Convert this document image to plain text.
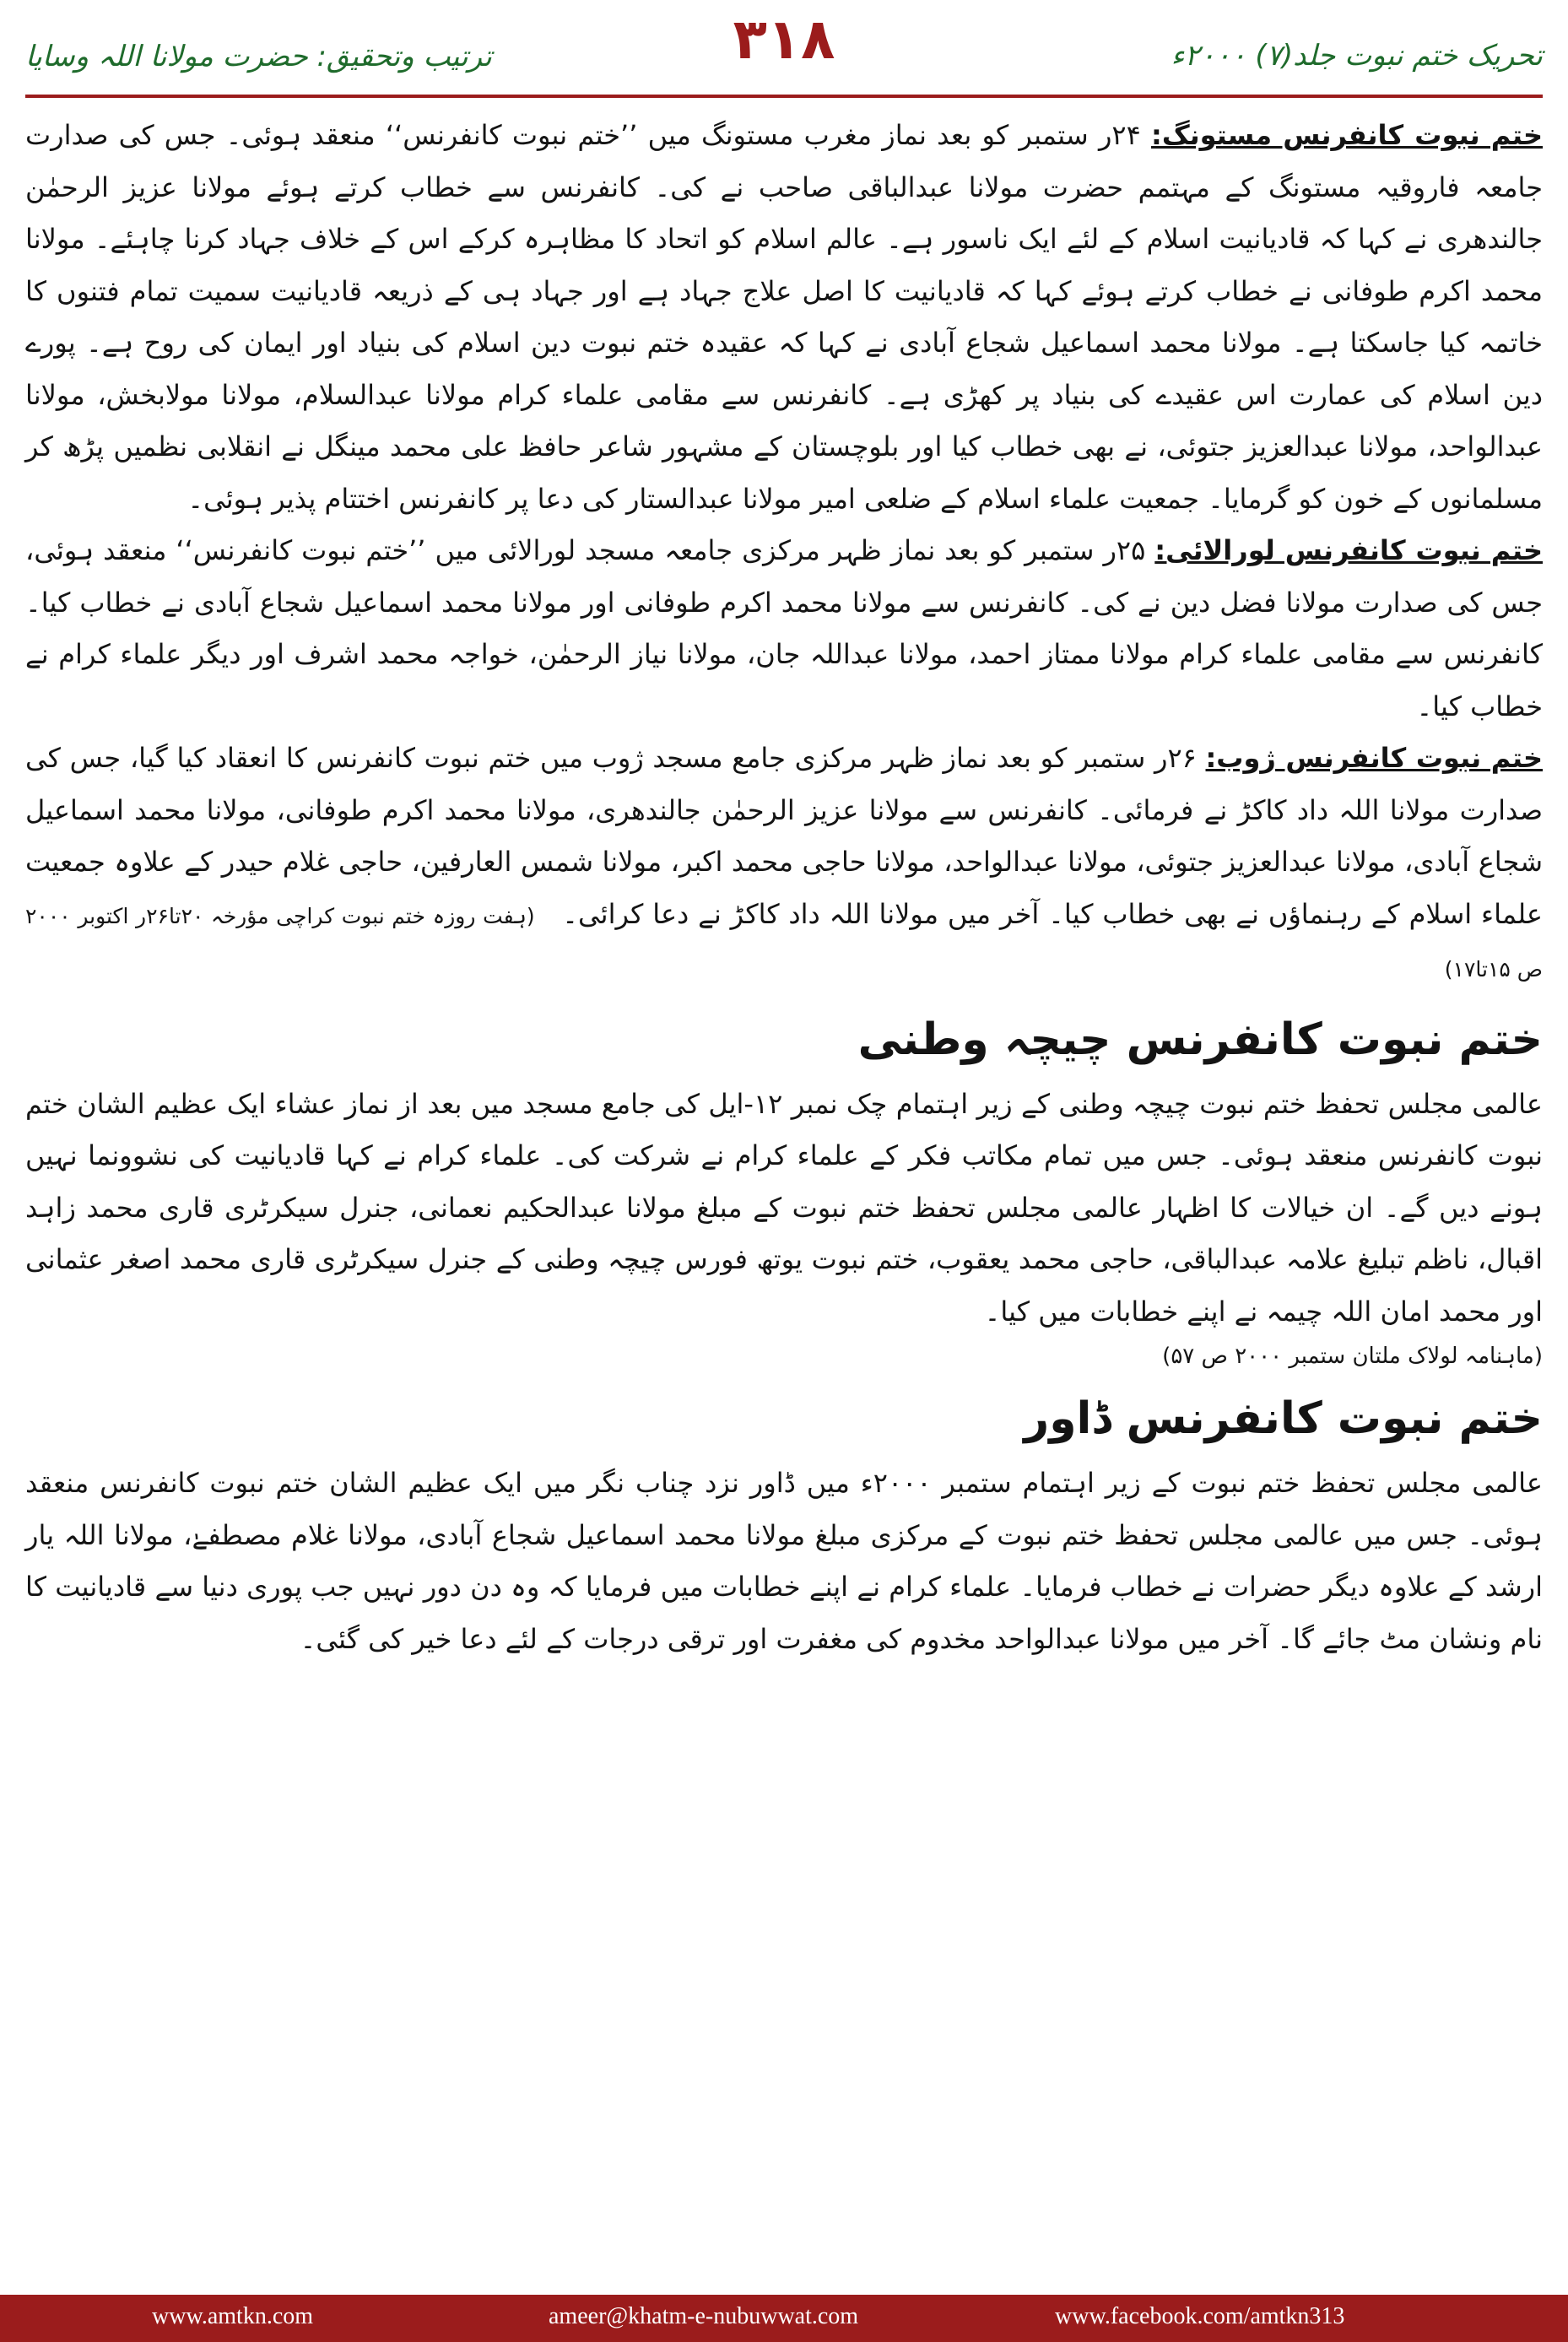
ترتیب وتحقیق: حضرت مولانا اللہ وسایا	۳۱۸	تحریک ختم نبوت جلد(۷) ۲۰۰۰ء

ختم نبوت کانفرنس مستونگ: ۲۴ر ستمبر کو بعد نماز مغرب مستونگ میں ’’ختم نبوت کانفرنس‘‘ منعقد ہوئی۔ جس کی صدارت جامعہ فاروقیہ مستونگ کے مہتمم حضرت مولانا عبدالباقی صاحب نے کی۔ کانفرنس سے خطاب کرتے ہوئے مولانا عزیز الرحمٰن جالندھری نے کہا کہ قادیانیت اسلام کے لئے ایک ناسور ہے۔ عالم اسلام کو اتحاد کا مظاہرہ کرکے اس کے خلاف جہاد کرنا چاہئے۔ مولانا محمد اکرم طوفانی نے خطاب کرتے ہوئے کہا کہ قادیانیت کا اصل علاج جہاد ہے اور جہاد ہی کے ذریعہ قادیانیت سمیت تمام فتنوں کا خاتمہ کیا جاسکتا ہے۔ مولانا محمد اسماعیل شجاع آبادی نے کہا کہ عقیدہ ختم نبوت دین اسلام کی بنیاد اور ایمان کی روح ہے۔ پورے دین اسلام کی عمارت اس عقیدے کی بنیاد پر کھڑی ہے۔ کانفرنس سے مقامی علماء کرام مولانا عبدالسلام، مولانا مولابخش، مولانا عبدالواحد، مولانا عبدالعزیز جتوئی، نے بھی خطاب کیا اور بلوچستان کے مشہور شاعر حافظ علی محمد مینگل نے انقلابی نظمیں پڑھ کر مسلمانوں کے خون کو گرمایا۔ جمعیت علماء اسلام کے ضلعی امیر مولانا عبدالستار کی دعا پر کانفرنس اختتام پذیر ہوئی۔

ختم نبوت کانفرنس لورالائی: ۲۵ر ستمبر کو بعد نماز ظہر مرکزی جامعہ مسجد لورالائی میں ’’ختم نبوت کانفرنس‘‘ منعقد ہوئی، جس کی صدارت مولانا فضل دین نے کی۔ کانفرنس سے مولانا محمد اکرم طوفانی اور مولانا محمد اسماعیل شجاع آبادی نے خطاب کیا۔ کانفرنس سے مقامی علماء کرام مولانا ممتاز احمد، مولانا عبداللہ جان، مولانا نیاز الرحمٰن، خواجہ محمد اشرف اور دیگر علماء کرام نے خطاب کیا۔

ختم نبوت کانفرنس ژوب: ۲۶ر ستمبر کو بعد نماز ظہر مرکزی جامع مسجد ژوب میں ختم نبوت کانفرنس کا انعقاد کیا گیا، جس کی صدارت مولانا اللہ داد کاکڑ نے فرمائی۔ کانفرنس سے مولانا عزیز الرحمٰن جالندھری، مولانا محمد اکرم طوفانی، مولانا محمد اسماعیل شجاع آبادی، مولانا عبدالعزیز جتوئی، مولانا عبدالواحد، مولانا حاجی محمد اکبر، مولانا شمس العارفین، حاجی غلام حیدر کے علاوہ جمعیت علماء اسلام کے رہنماؤں نے بھی خطاب کیا۔ آخر میں مولانا اللہ داد کاکڑ نے دعا کرائی۔   (ہفت روزہ ختم نبوت کراچی مؤرخہ ۲۰تا۲۶ر اکتوبر ۲۰۰۰ ص ۱۵تا۱۷)

ختم نبوت کانفرنس چیچہ وطنی

عالمی مجلس تحفظ ختم نبوت چیچہ وطنی کے زیر اہتمام چک نمبر ۱۲-ایل کی جامع مسجد میں بعد از نماز عشاء ایک عظیم الشان ختم نبوت کانفرنس منعقد ہوئی۔ جس میں تمام مکاتب فکر کے علماء کرام نے شرکت کی۔ علماء کرام نے کہا قادیانیت کی نشوونما نہیں ہونے دیں گے۔ ان خیالات کا اظہار عالمی مجلس تحفظ ختم نبوت کے مبلغ مولانا عبدالحکیم نعمانی، جنرل سیکرٹری قاری محمد زاہد اقبال، ناظم تبلیغ علامہ عبدالباقی، حاجی محمد یعقوب، ختم نبوت یوتھ فورس چیچہ وطنی کے جنرل سیکرٹری قاری محمد اصغر عثمانی اور محمد امان اللہ چیمہ نے اپنے خطابات میں کیا۔

(ماہنامہ لولاک ملتان ستمبر ۲۰۰۰ ص ۵۷)

ختم نبوت کانفرنس ڈاور

عالمی مجلس تحفظ ختم نبوت کے زیر اہتمام ستمبر ۲۰۰۰ء میں ڈاور نزد چناب نگر میں ایک عظیم الشان ختم نبوت کانفرنس منعقد ہوئی۔ جس میں عالمی مجلس تحفظ ختم نبوت کے مرکزی مبلغ مولانا محمد اسماعیل شجاع آبادی، مولانا غلام مصطفےٰ، مولانا اللہ یار ارشد کے علاوہ دیگر حضرات نے خطاب فرمایا۔ علماء کرام نے اپنے خطابات میں فرمایا کہ وہ دن دور نہیں جب پوری دنیا سے قادیانیت کا نام ونشان مٹ جائے گا۔ آخر میں مولانا عبدالواحد مخدوم کی مغفرت اور ترقی درجات کے لئے دعا خیر کی گئی۔

www.amtkn.com	ameer@khatm-e-nubuwwat.com	www.facebook.com/amtkn313
